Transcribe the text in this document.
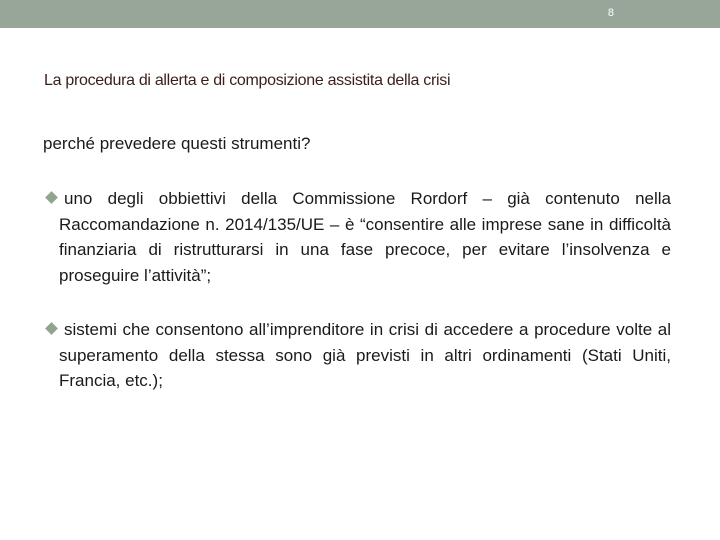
8
La procedura di allerta e di composizione assistita della crisi
perché prevedere questi strumenti?

uno degli obbiettivi della Commissione Rordorf – già contenuto nella Raccomandazione n. 2014/135/UE – è “consentire alle imprese sane in difficoltà finanziaria di ristrutturarsi in una fase precoce, per evitare l’insolvenza e proseguire l’attività”;

sistemi che consentono all’imprenditore in crisi di accedere a procedure volte al superamento della stessa sono già previsti in altri ordinamenti (Stati Uniti, Francia, etc.);
